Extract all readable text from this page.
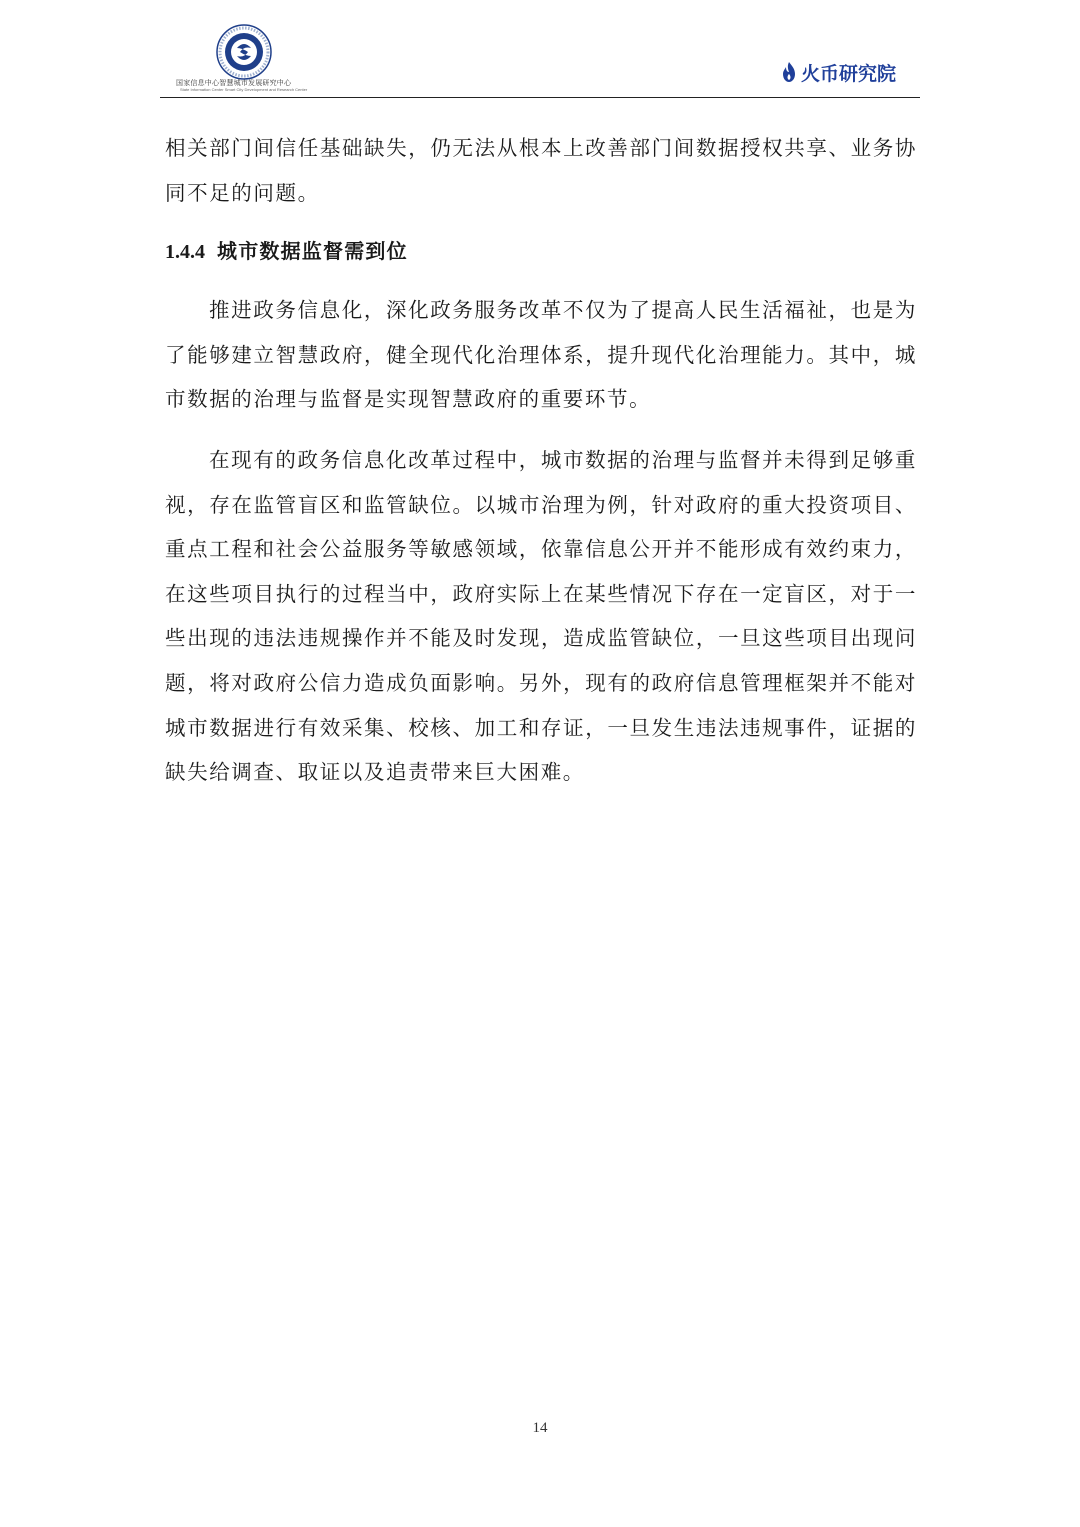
国家信息中心智慧城市发展研究中心
State Information Center Smart City Development and Research Center
火币研究院

相关部门间信任基础缺失，仍无法从根本上改善部门间数据授权共享、业务协同不足的问题。

1.4.4 城市数据监督需到位

推进政务信息化，深化政务服务改革不仅为了提高人民生活福祉，也是为了能够建立智慧政府，健全现代化治理体系，提升现代化治理能力。其中，城市数据的治理与监督是实现智慧政府的重要环节。

在现有的政务信息化改革过程中，城市数据的治理与监督并未得到足够重视，存在监管盲区和监管缺位。以城市治理为例，针对政府的重大投资项目、重点工程和社会公益服务等敏感领域，依靠信息公开并不能形成有效约束力，在这些项目执行的过程当中，政府实际上在某些情况下存在一定盲区，对于一些出现的违法违规操作并不能及时发现，造成监管缺位，一旦这些项目出现问题，将对政府公信力造成负面影响。另外，现有的政府信息管理框架并不能对城市数据进行有效采集、校核、加工和存证，一旦发生违法违规事件，证据的缺失给调查、取证以及追责带来巨大困难。

14
